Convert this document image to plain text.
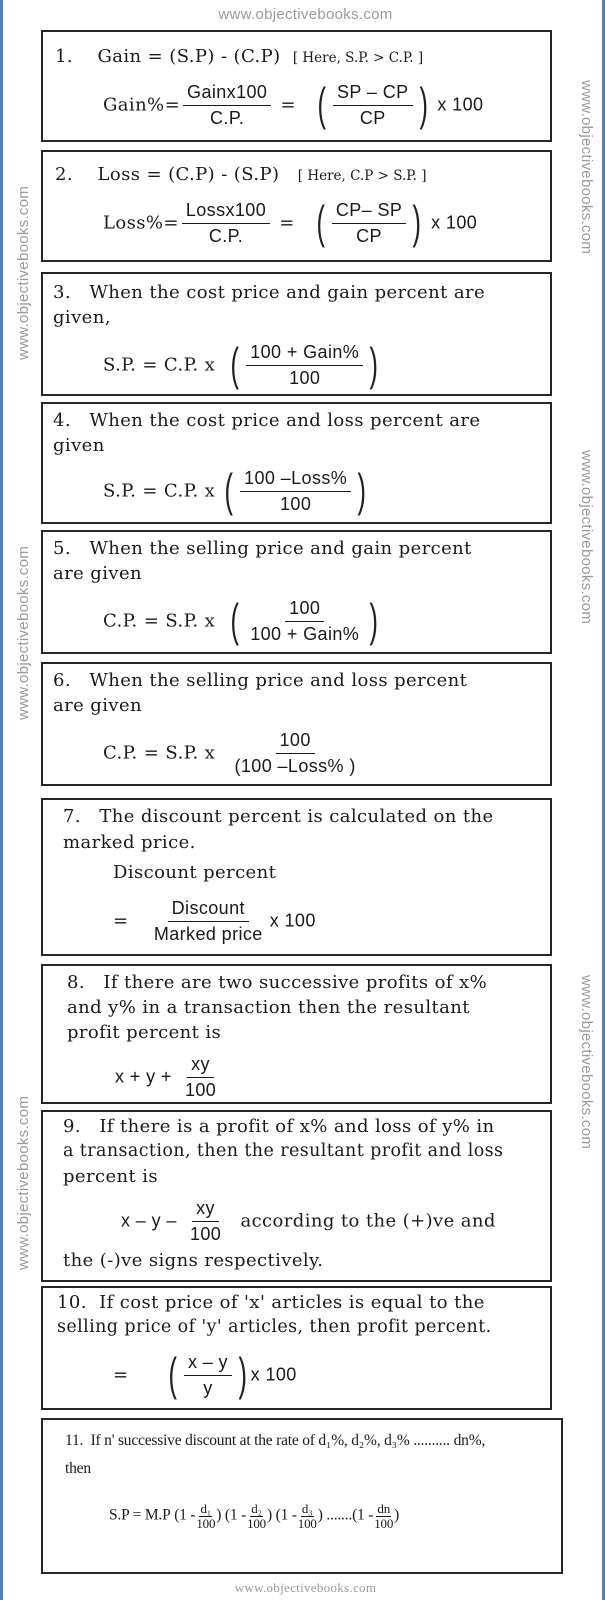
www.objectivebooks.com
www.objectivebooks.com
www.objectivebooks.com
www.objectivebooks.com
www.objectivebooks.com
www.objectivebooks.com
www.objectivebooks.com
www.objectivebooks.com
1. Gain = (S.P) - (C.P) [ Here, S.P. > C.P. ]
Gain%= $\frac{\text{Gainx100}}{C.P.}$ = ( $\frac{SP - CP}{CP}$ ) x 100
2. Loss = (C.P) - (S.P) [ Here, C.P > S.P. ]
Loss%= $\frac{\text{Lossx100}}{C.P.}$ = ( $\frac{CP- SP}{CP}$ ) x 100
3. When the cost price and gain percent are
given,
S.P. = C.P. x ( $\frac{\text{100 + Gain\%}}{100}$ )
4. When the cost price and loss percent are
given
S.P. = C.P. x ( $\frac{\text{100 –Loss\%}}{100}$ )
5. When the selling price and gain percent
are given
C.P. = S.P. x ( $\frac{100}{\text{100 + Gain\%}}$ )
6. When the selling price and loss percent
are given
C.P. = S.P. x $\frac{100}{\text{(100 –Loss\% )}}$
7. The discount percent is calculated on the
marked price.
Discount percent
= $\frac{\text{Discount}}{\text{Marked price}}$ x 100
8. If there are two successive profits of x%
and y% in a transaction then the resultant
profit percent is
$x + y + \frac{xy}{100}$
9. If there is a profit of x% and loss of y% in
a transaction, then the resultant profit and loss
percent is
x – y – $\frac{xy}{100}$ according to the (+)ve and
the (-)ve signs respectively.
10. If cost price of 'x' articles is equal to the
selling price of 'y' articles, then profit percent.
= ( $\frac{x - y}{y}$ ) x 100
11. If n' successive discount at the rate of d₁%, d₂%, d₃% .......... dn%,
then
S.P = M.P ($1 - \frac{\text{d₁}}{100}$ ) ($1 - \frac{\text{d₂}}{100}$ ) ($1 - \frac{\text{d₃}}{100}$ ) $.......(1 - \frac{dn}{100}$ )
